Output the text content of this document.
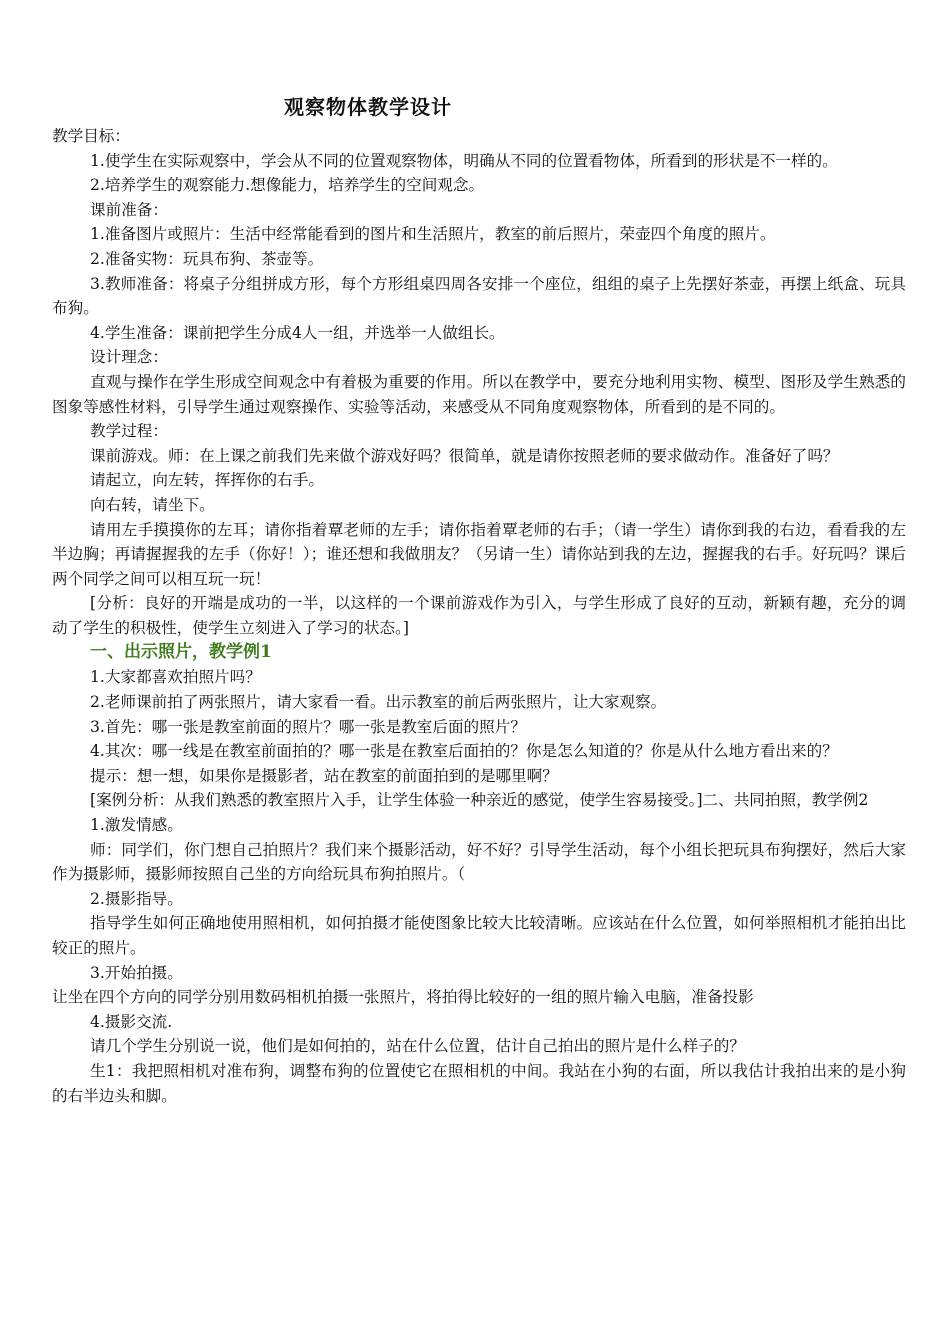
观察物体教学设计

教学目标：

1.使学生在实际观察中，学会从不同的位置观察物体，明确从不同的位置看物体，所看到的形状是不一样的。

2.培养学生的观察能力.想像能力，培养学生的空间观念。

课前准备：

1.准备图片或照片：生活中经常能看到的图片和生活照片，教室的前后照片，荣壶四个角度的照片。

2.准备实物：玩具布狗、茶壶等。

3.教师准备：将桌子分组拼成方形，每个方形组桌四周各安排一个座位，组组的桌子上先摆好茶壶，再摆上纸盒、玩具布狗。

4.学生准备：课前把学生分成4人一组，并选举一人做组长。

设计理念：

直观与操作在学生形成空间观念中有着极为重要的作用。所以在教学中，要充分地利用实物、模型、图形及学生熟悉的图象等感性材料，引导学生通过观察操作、实验等活动，来感受从不同角度观察物体，所看到的是不同的。

教学过程：

课前游戏。师：在上课之前我们先来做个游戏好吗？很简单，就是请你按照老师的要求做动作。准备好了吗？

请起立，向左转，挥挥你的右手。

向右转，请坐下。

请用左手摸摸你的左耳；请你指着覃老师的左手；请你指着覃老师的右手；（请一学生）请你到我的右边，看看我的左半边胸；再请握握我的左手（你好！）；谁还想和我做朋友？（另请一生）请你站到我的左边，握握我的右手。好玩吗？课后两个同学之间可以相互玩一玩！

[分析：良好的开端是成功的一半，以这样的一个课前游戏作为引入，与学生形成了良好的互动，新颖有趣，充分的调动了学生的积极性，使学生立刻进入了学习的状态。]

一、出示照片，教学例1

1.大家都喜欢拍照片吗？

2.老师课前拍了两张照片，请大家看一看。出示教室的前后两张照片，让大家观察。

3.首先：哪一张是教室前面的照片？哪一张是教室后面的照片？

4.其次：哪一线是在教室前面拍的？哪一张是在教室后面拍的？你是怎么知道的？你是从什么地方看出来的？

提示：想一想，如果你是摄影者，站在教室的前面拍到的是哪里啊？

[案例分析：从我们熟悉的教室照片入手，让学生体验一种亲近的感觉，使学生容易接受。]二、共同拍照，教学例2

1.激发情感。

师：同学们，你门想自己拍照片？我们来个摄影活动，好不好？引导学生活动，每个小组长把玩具布狗摆好，然后大家作为摄影师，摄影师按照自己坐的方向给玩具布狗拍照片。（

2.摄影指导。

指导学生如何正确地使用照相机，如何拍摄才能使图象比较大比较清晰。应该站在什么位置，如何举照相机才能拍出比较正的照片。

3.开始拍摄。

让坐在四个方向的同学分别用数码相机拍摄一张照片，将拍得比较好的一组的照片输入电脑，准备投影

4.摄影交流.

请几个学生分别说一说，他们是如何拍的，站在什么位置，估计自己拍出的照片是什么样子的？

生1：我把照相机对准布狗，调整布狗的位置使它在照相机的中间。我站在小狗的右面，所以我估计我拍出来的是小狗的右半边头和脚。
